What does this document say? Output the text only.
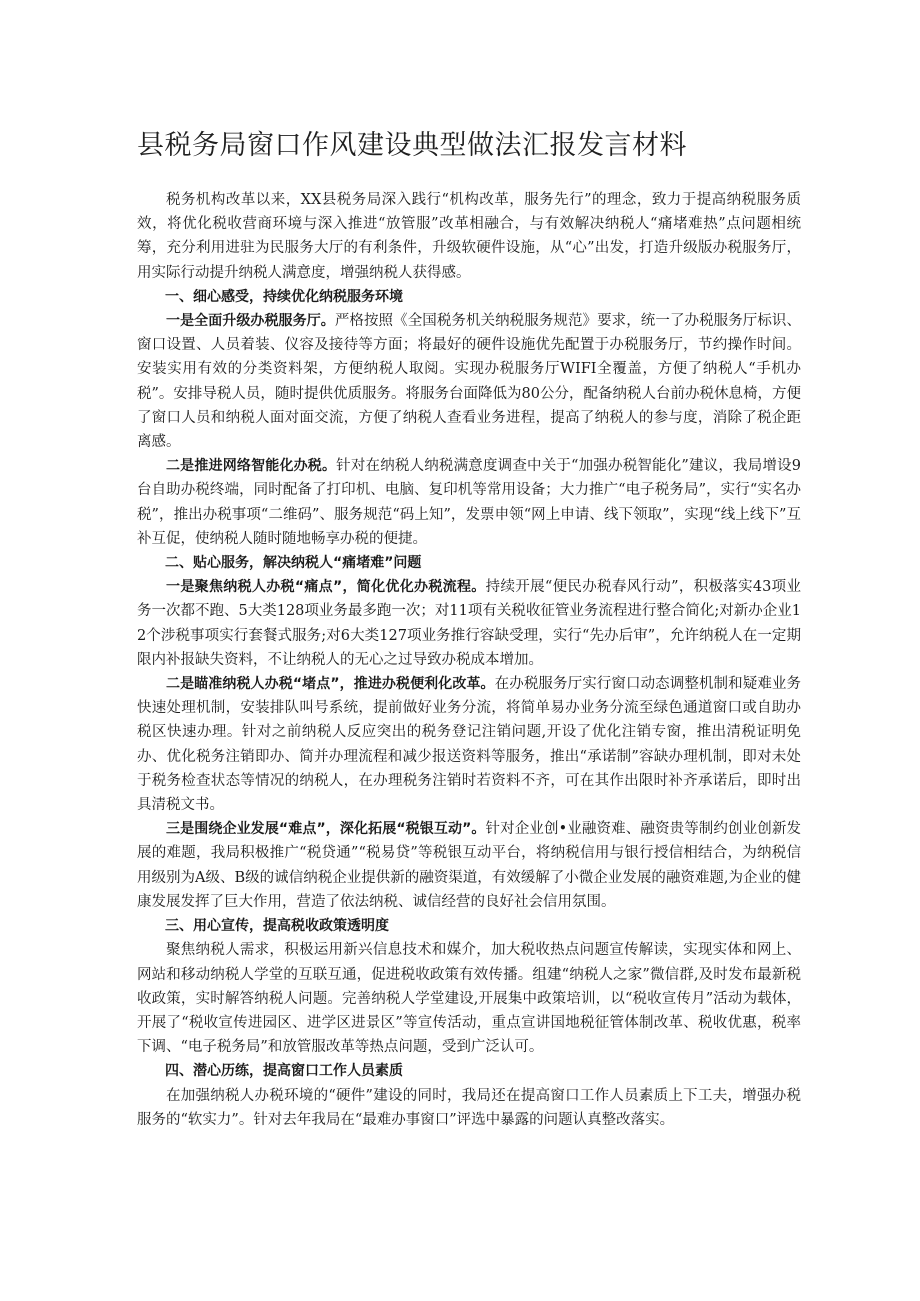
县税务局窗口作风建设典型做法汇报发言材料

税务机构改革以来，XX县税务局深入践行“机构改革，服务先行”的理念，致力于提高纳税服务质效，将优化税收营商环境与深入推进“放管服”改革相融合，与有效解决纳税人“痛堵难热”点问题相统筹，充分利用进驻为民服务大厅的有利条件，升级软硬件设施，从“心”出发，打造升级版办税服务厅，用实际行动提升纳税人满意度，增强纳税人获得感。

一、细心感受，持续优化纳税服务环境

一是全面升级办税服务厅。严格按照《全国税务机关纳税服务规范》要求，统一了办税服务厅标识、窗口设置、人员着装、仪容及接待等方面；将最好的硬件设施优先配置于办税服务厅，节约操作时间。安装实用有效的分类资料架，方便纳税人取阅。实现办税服务厅WIFI全覆盖，方便了纳税人“手机办税”。安排导税人员，随时提供优质服务。将服务台面降低为80公分，配备纳税人台前办税休息椅，方便了窗口人员和纳税人面对面交流，方便了纳税人查看业务进程，提高了纳税人的参与度，消除了税企距离感。

二是推进网络智能化办税。针对在纳税人纳税满意度调查中关于“加强办税智能化”建议，我局增设9台自助办税终端，同时配备了打印机、电脑、复印机等常用设备；大力推广“电子税务局”，实行“实名办税”，推出办税事项“二维码”、服务规范“码上知”，发票申领“网上申请、线下领取”，实现“线上线下”互补互促，使纳税人随时随地畅享办税的便捷。

二、贴心服务，解决纳税人“痛堵难”问题

一是聚焦纳税人办税“痛点”，简化优化办税流程。持续开展“便民办税春风行动”，积极落实43项业务一次都不跑、5大类128项业务最多跑一次；对11项有关税收征管业务流程进行整合简化;对新办企业12个涉税事项实行套餐式服务;对6大类127项业务推行容缺受理，实行“先办后审”，允许纳税人在一定期限内补报缺失资料，不让纳税人的无心之过导致办税成本增加。

二是瞄准纳税人办税“堵点”，推进办税便利化改革。在办税服务厅实行窗口动态调整机制和疑难业务快速处理机制，安装排队叫号系统，提前做好业务分流，将简单易办业务分流至绿色通道窗口或自助办税区快速办理。针对之前纳税人反应突出的税务登记注销问题,开设了优化注销专窗，推出清税证明免办、优化税务注销即办、简并办理流程和减少报送资料等服务，推出“承诺制”容缺办理机制，即对未处于税务检查状态等情况的纳税人，在办理税务注销时若资料不齐，可在其作出限时补齐承诺后，即时出具清税文书。

三是围绕企业发展“难点”，深化拓展“税银互动”。针对企业创•业融资难、融资贵等制约创业创新发展的难题，我局积极推广“税贷通”“税易贷”等税银互动平台，将纳税信用与银行授信相结合，为纳税信用级别为A级、B级的诚信纳税企业提供新的融资渠道，有效缓解了小微企业发展的融资难题,为企业的健康发展发挥了巨大作用，营造了依法纳税、诚信经营的良好社会信用氛围。

三、用心宣传，提高税收政策透明度

聚焦纳税人需求，积极运用新兴信息技术和媒介，加大税收热点问题宣传解读，实现实体和网上、网站和移动纳税人学堂的互联互通，促进税收政策有效传播。组建“纳税人之家”微信群,及时发布最新税收政策，实时解答纳税人问题。完善纳税人学堂建设,开展集中政策培训，以“税收宣传月”活动为载体，开展了“税收宣传进园区、进学区进景区”等宣传活动，重点宣讲国地税征管体制改革、税收优惠，税率下调、“电子税务局”和放管服改革等热点问题，受到广泛认可。

四、潜心历练，提高窗口工作人员素质

在加强纳税人办税环境的“硬件”建设的同时，我局还在提高窗口工作人员素质上下工夫，增强办税服务的“软实力”。针对去年我局在“最难办事窗口”评选中暴露的问题认真整改落实。
